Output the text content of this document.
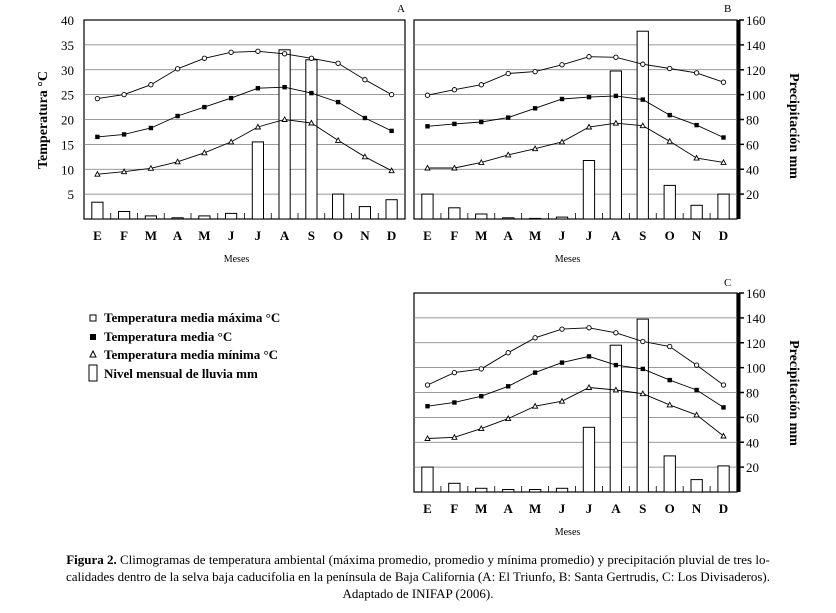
E F M A M J J A S O N D
Meses
A
5
10
15
20
25
30
35
40
Temperatura °C
E F M A M J J A S O N D
Meses
B
20
40
60
80
100
120
140
160
Precipitación mm
E F M A M J J A S O N D
Meses
C
20
40
60
80
100
120
140
160
Precipitación mm
Temperatura media máxima °C
Temperatura media °C
Temperatura media mínima °C
Nivel mensual de lluvia mm

Figura 2. Climogramas de temperatura ambiental (máxima promedio, promedio y mínima promedio) y precipitación pluvial de tres lo-
calidades dentro de la selva baja caducifolia en la península de Baja California (A: El Triunfo, B: Santa Gertrudis, C: Los Divisaderos).
Adaptado de INIFAP (2006).
